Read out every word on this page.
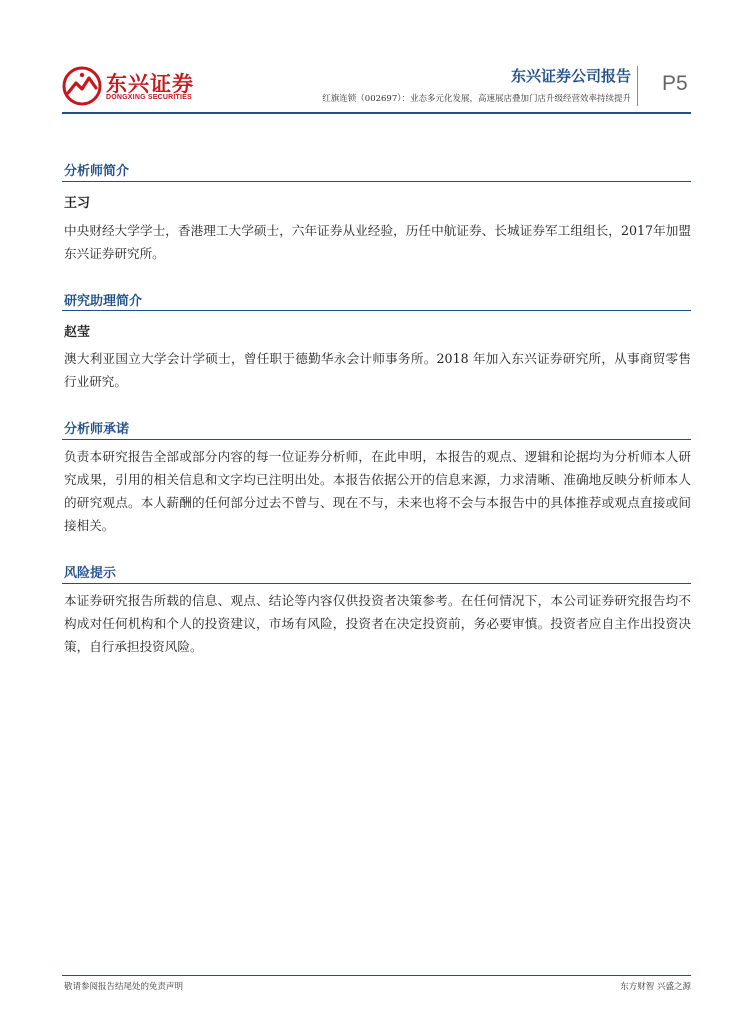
东兴证券
DONGXING SECURITIES
东兴证券公司报告
红旗连锁（002697）：业态多元化发展，高速展店叠加门店升级经营效率持续提升
P5
分析师简介
王习

中央财经大学学士，香港理工大学硕士，六年证券从业经验，历任中航证券、长城证券军工组组长，2017年加盟东兴证券研究所。

研究助理简介
赵莹

澳大利亚国立大学会计学硕士，曾任职于德勤华永会计师事务所。2018 年加入东兴证券研究所，从事商贸零售行业研究。

分析师承诺

负责本研究报告全部或部分内容的每一位证券分析师，在此申明，本报告的观点、逻辑和论据均为分析师本人研究成果，引用的相关信息和文字均已注明出处。本报告依据公开的信息来源，力求清晰、准确地反映分析师本人的研究观点。本人薪酬的任何部分过去不曾与、现在不与，未来也将不会与本报告中的具体推荐或观点直接或间接相关。

风险提示

本证券研究报告所载的信息、观点、结论等内容仅供投资者决策参考。在任何情况下，本公司证券研究报告均不构成对任何机构和个人的投资建议，市场有风险，投资者在决定投资前，务必要审慎。投资者应自主作出投资决策，自行承担投资风险。

敬请参阅报告结尾处的免责声明	东方财智 兴盛之源
